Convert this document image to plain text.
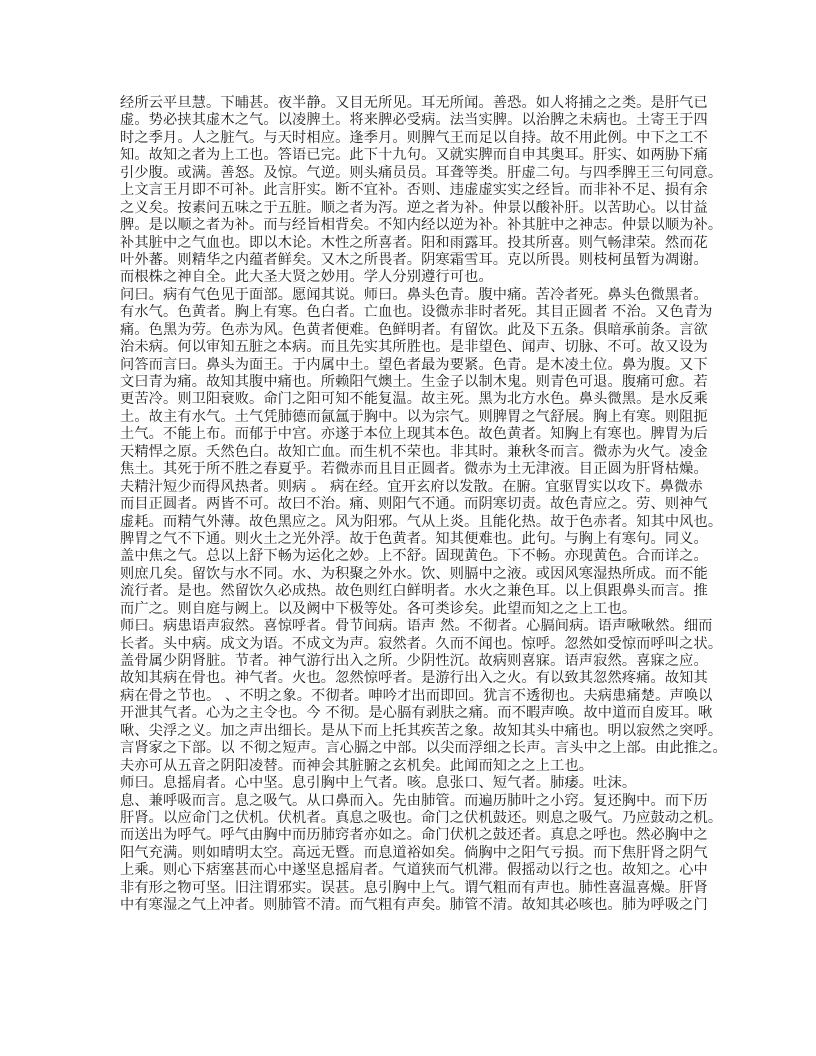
经所云平旦慧。下晡甚。夜半静。又目无所见。耳无所闻。善恐。如人将捕之之类。是肝气已
虚。势必挟其虚木之气。以凌脾土。将来脾必受病。法当实脾。以治脾之未病也。土寄王于四
时之季月。人之脏气。与天时相应。逢季月。则脾气王而足以自持。故不用此例。中下之工不
知。故知之者为上工也。答语已完。此下十九句。又就实脾而自申其奥耳。肝实、如两胁下痛
引少腹。或满。善怒。及惊。气逆。则头痛员员。耳聋等类。肝虚二句。与四季脾王三句同意。
上文言王月即不可补。此言肝实。断不宜补。否则、违虚虚实实之经旨。而非补不足、损有余
之义矣。按素问五味之于五脏。顺之者为泻。逆之者为补。仲景以酸补肝。以苦助心。以甘益
脾。是以顺之者为补。而与经旨相背矣。不知内经以逆为补。补其脏中之神志。仲景以顺为补。
补其脏中之气血也。即以木论。木性之所喜者。阳和雨露耳。投其所喜。则气畅津荣。然而花
叶外蕃。则精华之内蕴者鲜矣。又木之所畏者。阴寒霜雪耳。克以所畏。则枝柯虽暂为凋谢。
而根株之神自全。此大圣大贤之妙用。学人分别遵行可也。
问曰。病有气色见于面部。愿闻其说。师曰。鼻头色青。腹中痛。苦冷者死。鼻头色微黑者。
有水气。色黄者。胸上有寒。色白者。亡血也。设微赤非时者死。其目正圆者 不治。又色青为
痛。色黑为劳。色赤为风。色黄者便难。色鲜明者。有留饮。此及下五条。俱暗承前条。言欲
治未病。何以审知五脏之本病。而且先实其所胜也。是非望色、闻声、切脉、不可。故又设为
问答而言曰。鼻头为面王。于内属中土。望色者最为要紧。色青。是木凌土位。鼻为腹。又下
文曰青为痛。故知其腹中痛也。所赖阳气燠土。生金子以制木鬼。则青色可退。腹痛可愈。若
更苦冷。则卫阳衰败。命门之阳可知不能复温。故主死。黑为北方水色。鼻头微黑。是水反乘
土。故主有水气。土气凭肺德而氤氲于胸中。以为宗气。则脾胃之气舒展。胸上有寒。则阻扼
土气。不能上布。而郁于中宫。亦遂于本位上现其本色。故色黄者。知胸上有寒也。脾胃为后
天精悍之原。夭然色白。故知亡血。而生机不荣也。非其时。兼秋冬而言。微赤为火气。凌金
焦土。其死于所不胜之春夏乎。若微赤而且目正圆者。微赤为土无津液。目正圆为肝肾枯燥。
夫精汁短少而得风热者。则病 。 病在经。宜开玄府以发散。在腑。宜驱胃实以攻下。鼻微赤
而目正圆者。两皆不可。故曰不治。痛、则阳气不通。而阴寒切责。故色青应之。劳、则神气
虚耗。而精气外薄。故色黑应之。风为阳邪。气从上炎。且能化热。故于色赤者。知其中风也。
脾胃之气不下通。则火土之光外浮。故于色黄者。知其便难也。此句。与胸上有寒句。同义。
盖中焦之气。总以上舒下畅为运化之妙。上不舒。固现黄色。下不畅。亦现黄色。合而详之。
则庶几矣。留饮与水不同。水、为积聚之外水。饮、则膈中之液。或因风寒湿热所成。而不能
流行者。是也。然留饮久必成热。故色则红白鲜明者。水火之兼色耳。以上俱跟鼻头而言。推
而广之。则自庭与阙上。以及阙中下极等处。各可类诊矣。此望而知之之上工也。
师曰。病患语声寂然。喜惊呼者。骨节间病。语声 然。不彻者。心膈间病。语声啾啾然。细而
长者。头中病。成文为语。不成文为声。寂然者。久而不闻也。惊呼。忽然如受惊而呼叫之状。
盖骨属少阴肾脏。节者。神气游行出入之所。少阴性沉。故病则喜寐。语声寂然。喜寐之应。
故知其病在骨也。神气者。火也。忽然惊呼者。是游行出入之火。有以致其忽然疼痛。故知其
病在骨之节也。 、不明之象。不彻者。呻吟才出而即回。犹言不透彻也。夫病患痛楚。声唤以
开泄其气者。心为之主令也。今 不彻。是心膈有剥肤之痛。而不暇声唤。故中道而自废耳。啾
啾、尖浮之义。加之声出细长。是从下而上托其疾苦之象。故知其头中痛也。明以寂然之突呼。
言肾家之下部。以 不彻之短声。言心膈之中部。以尖而浮细之长声。言头中之上部。由此推之。
夫亦可从五音之阴阳凌替。而神会其脏腑之玄机矣。此闻而知之之上工也。
师曰。息摇肩者。心中坚。息引胸中上气者。咳。息张口、短气者。肺痿。吐沫。
息、兼呼吸而言。息之吸气。从口鼻而入。先由肺管。而遍历肺叶之小窍。复还胸中。而下历
肝肾。以应命门之伏机。伏机者。真息之吸也。命门之伏机鼓还。则息之吸气。乃应鼓动之机。
而送出为呼气。呼气由胸中而历肺窍者亦如之。命门伏机之鼓还者。真息之呼也。然必胸中之
阳气充满。则如晴明太空。高远无暨。而息道裕如矣。倘胸中之阳气亏损。而下焦肝肾之阴气
上乘。则心下痞塞甚而心中遂坚息摇肩者。气道狭而气机滞。假摇动以行之也。故知之。心中
非有形之物可坚。旧注谓邪实。误甚。息引胸中上气。谓气粗而有声也。肺性喜温喜燥。肝肾
中有寒湿之气上冲者。则肺管不清。而气粗有声矣。肺管不清。故知其必咳也。肺为呼吸之门
